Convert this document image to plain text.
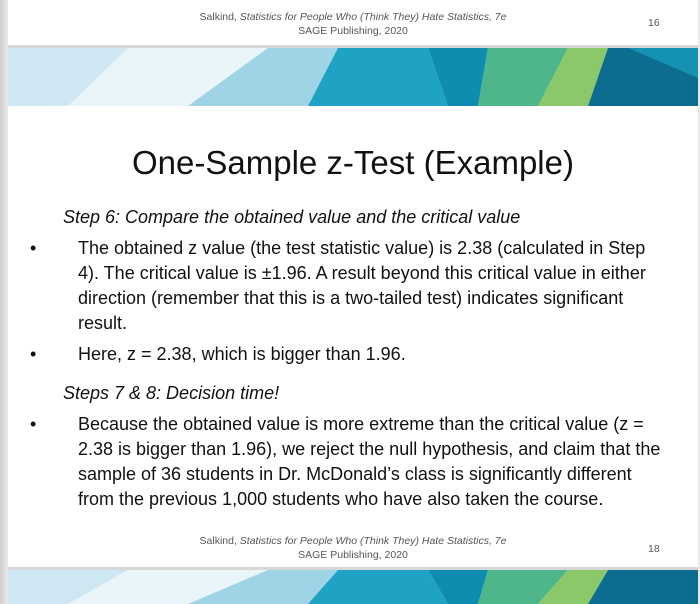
Salkind, Statistics for People Who (Think They) Hate Statistics, 7e
SAGE Publishing, 2020
16
One-Sample z-Test (Example)
Step 6: Compare the obtained value and the critical value
•	The obtained z value (the test statistic value) is 2.38 (calculated in Step 4). The critical value is ±1.96. A result beyond this critical value in either direction (remember that this is a two-tailed test) indicates significant result.
•	Here, z = 2.38, which is bigger than 1.96.
Steps 7 & 8: Decision time!
•	Because the obtained value is more extreme than the critical value (z = 2.38 is bigger than 1.96), we reject the null hypothesis, and claim that the sample of 36 students in Dr. McDonald’s class is significantly different from the previous 1,000 students who have also taken the course.
Salkind, Statistics for People Who (Think They) Hate Statistics, 7e
SAGE Publishing, 2020	18
